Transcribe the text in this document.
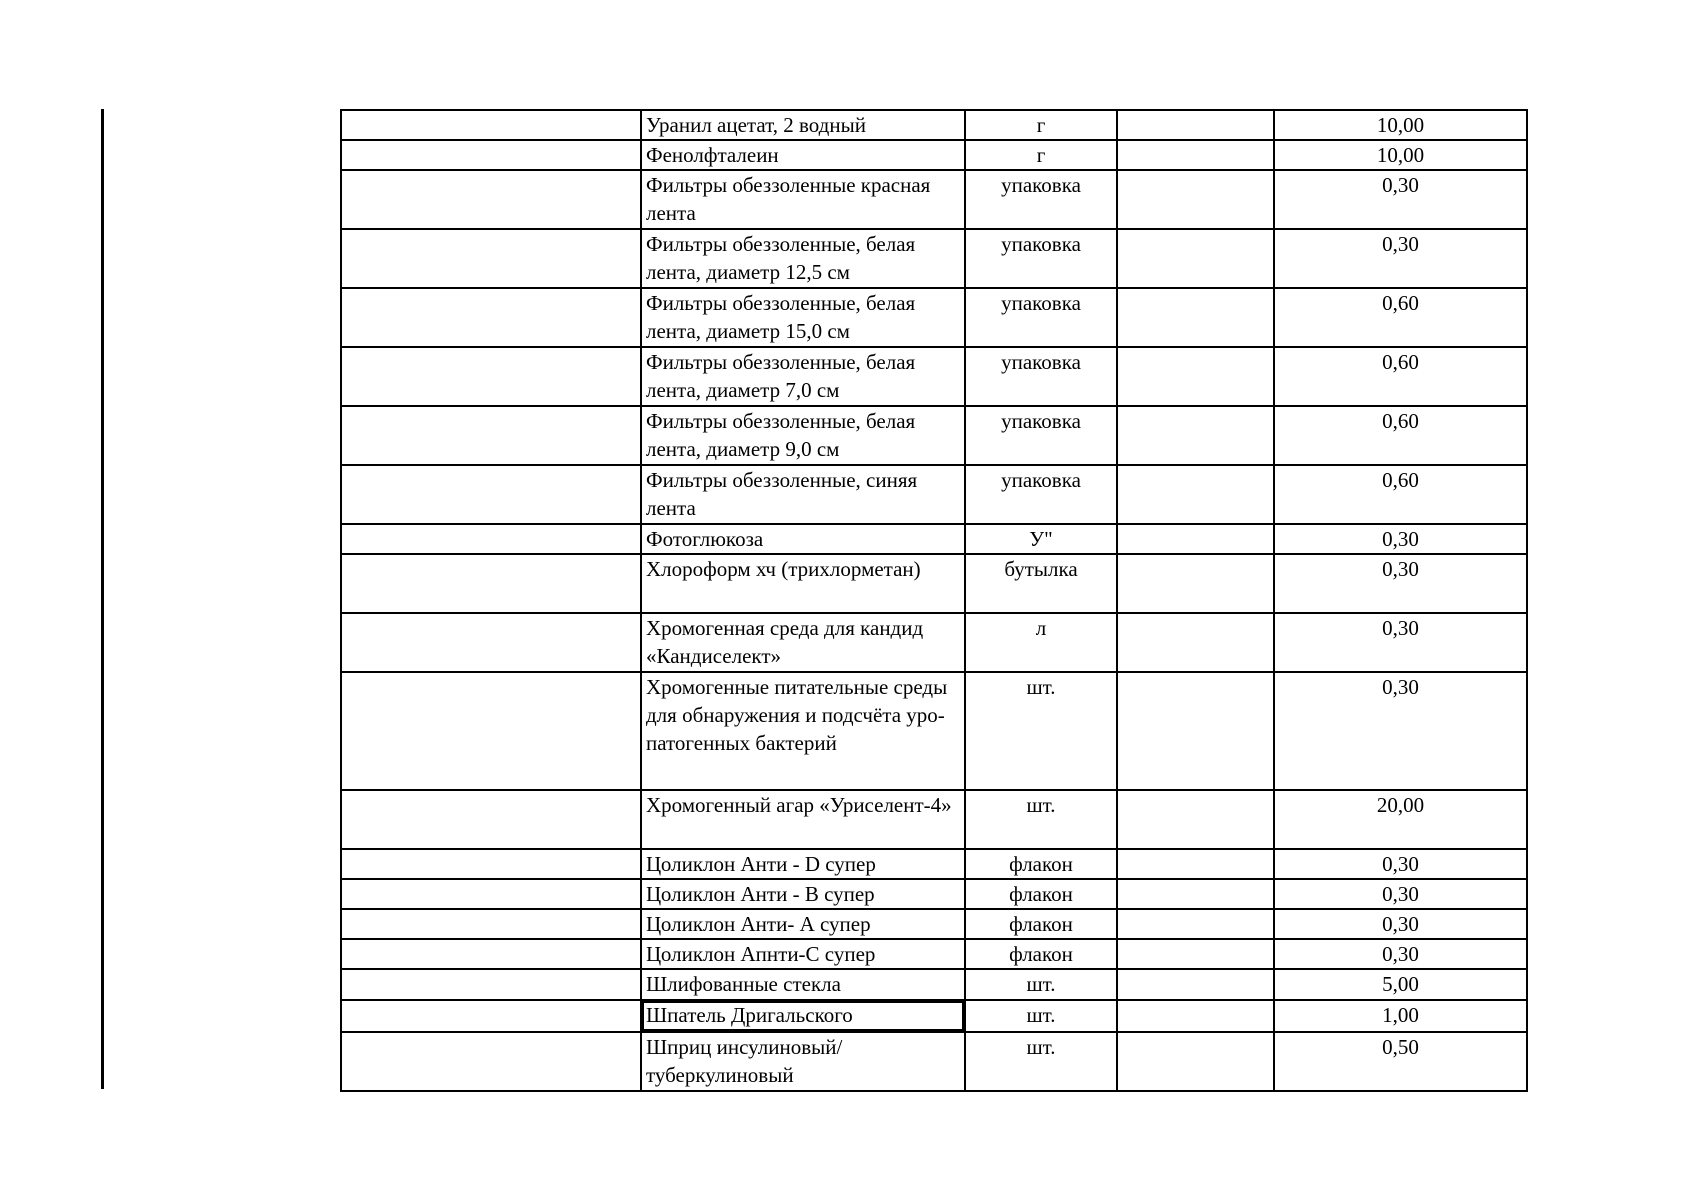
	Уранил ацетат, 2 водный	г		10,00
	Фенолфталеин	г		10,00
	Фильтры обеззоленные красная лента	упаковка		0,30
	Фильтры обеззоленные, белая лента, диаметр 12,5 см	упаковка		0,30
	Фильтры обеззоленные, белая лента, диаметр 15,0 см	упаковка		0,60
	Фильтры обеззоленные, белая лента, диаметр 7,0 см	упаковка		0,60
	Фильтры обеззоленные, белая лента, диаметр 9,0 см	упаковка		0,60
	Фильтры обеззоленные, синяя лента	упаковка		0,60
	Фотоглюкоза	У"		0,30
	Хлороформ хч (трихлорметан)	бутылка		0,30
	Хромогенная среда для кандид «Кандиселект»	л		0,30
	Хромогенные питательные среды для обнаружения и подсчёта уро-патогенных бактерий	шт.		0,30
	Хромогенный агар «Уриселент-4»	шт.		20,00
	Цоликлон Анти - D супер	флакон		0,30
	Цоликлон Анти - В супер	флакон		0,30
	Цоликлон Анти- А супер	флакон		0,30
	Цоликлон Апнти-С супер	флакон		0,30
	Шлифованные стекла	шт.		5,00
	Шпатель Дригальского	шт.		1,00
	Шприц инсулиновый/ туберкулиновый	шт.		0,50
